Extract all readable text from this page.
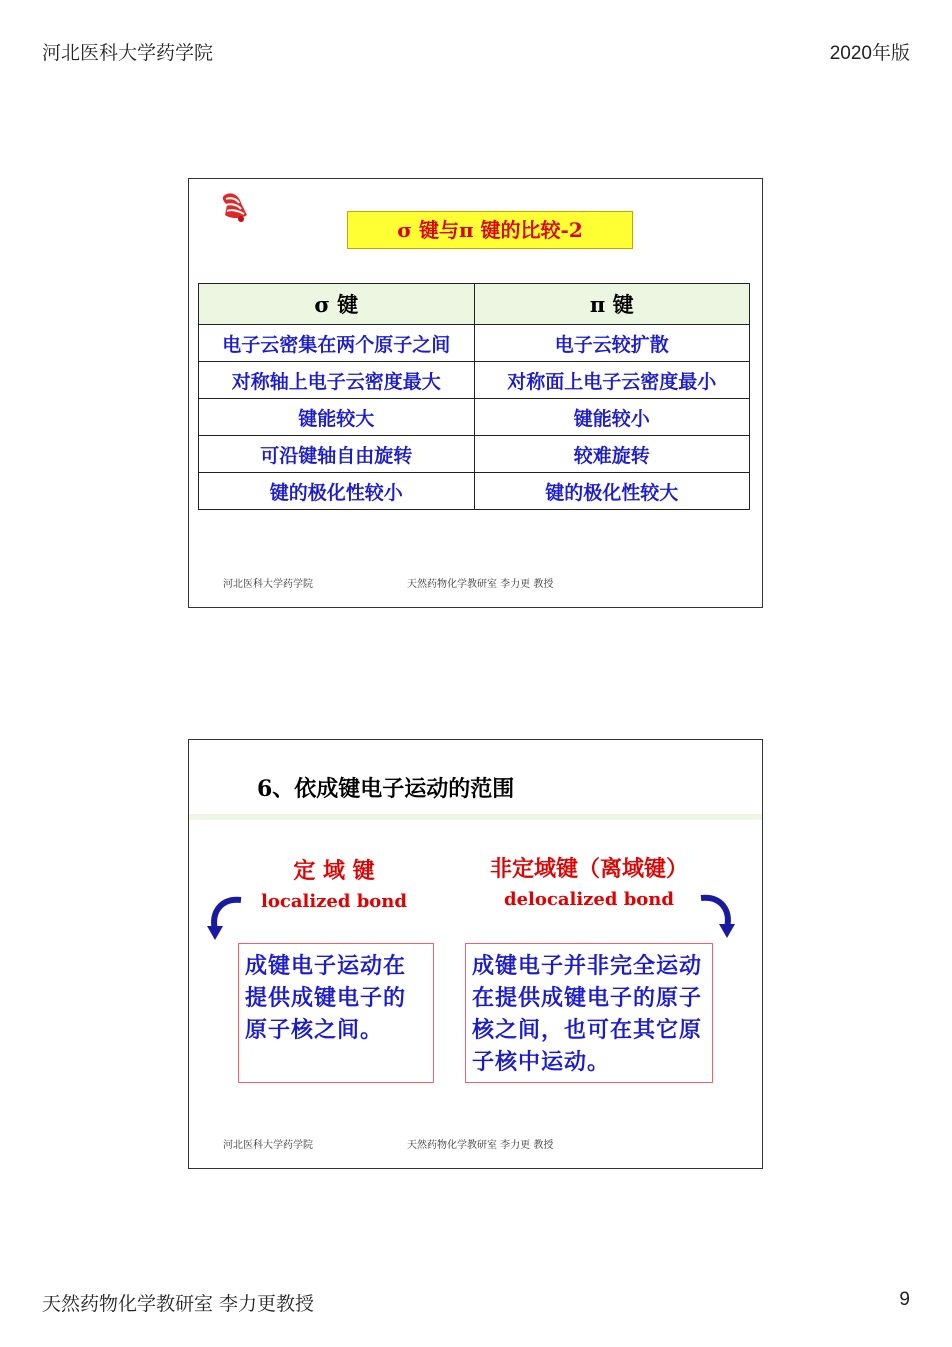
河北医科大学药学院	2020年版
σ 键与π 键的比较-2
σ 键	π 键
电子云密集在两个原子之间	电子云较扩散
对称轴上电子云密度最大	对称面上电子云密度最小
键能较大	键能较小
可沿键轴自由旋转	较难旋转
键的极化性较小	键的极化性较大
河北医科大学药学院	天然药物化学教研室 李力更 教授
6、依成键电子运动的范围
定 域 键
localized bond
非定域键（离域键）
delocalized bond
成键电子运动在提供成键电子的原子核之间。
成键电子并非完全运动在提供成键电子的原子核之间，也可在其它原子核中运动。
河北医科大学药学院	天然药物化学教研室 李力更 教授
天然药物化学教研室 李力更教授	9
